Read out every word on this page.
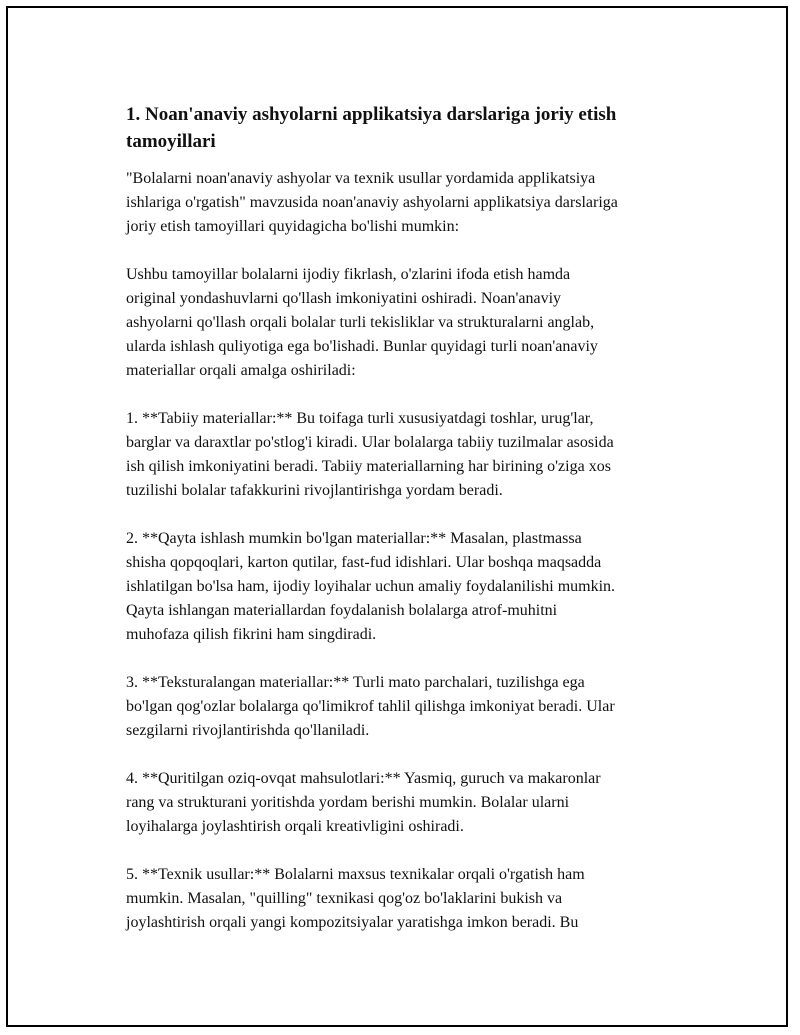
1. Noan'anaviy ashyolarni applikatsiya darslariga joriy etish tamoyillari

"Bolalarni noan'anaviy ashyolar va texnik usullar yordamida applikatsiya
ishlariga o'rgatish" mavzusida noan'anaviy ashyolarni applikatsiya darslariga
joriy etish tamoyillari quyidagicha bo'lishi mumkin:

Ushbu tamoyillar bolalarni ijodiy fikrlash, o'zlarini ifoda etish hamda
original yondashuvlarni qo'llash imkoniyatini oshiradi. Noan'anaviy
ashyolarni qo'llash orqali bolalar turli tekisliklar va strukturalarni anglab,
ularda ishlash quliyotiga ega bo'lishadi. Bunlar quyidagi turli noan'anaviy
materiallar orqali amalga oshiriladi:

1. **Tabiiy materiallar:** Bu toifaga turli xususiyatdagi toshlar, urug'lar,
barglar va daraxtlar po'stlog'i kiradi. Ular bolalarga tabiiy tuzilmalar asosida
ish qilish imkoniyatini beradi. Tabiiy materiallarning har birining o'ziga xos
tuzilishi bolalar tafakkurini rivojlantirishga yordam beradi.

2. **Qayta ishlash mumkin bo'lgan materiallar:** Masalan, plastmassa
shisha qopqoqlari, karton qutilar, fast-fud idishlari. Ular boshqa maqsadda
ishlatilgan bo'lsa ham, ijodiy loyihalar uchun amaliy foydalanilishi mumkin.
Qayta ishlangan materiallardan foydalanish bolalarga atrof-muhitni
muhofaza qilish fikrini ham singdiradi.

3. **Teksturalangan materiallar:** Turli mato parchalari, tuzilishga ega
bo'lgan qog'ozlar bolalarga qo'limikrof tahlil qilishga imkoniyat beradi. Ular
sezgilarni rivojlantirishda qo'llaniladi.

4. **Quritilgan oziq-ovqat mahsulotlari:** Yasmiq, guruch va makaronlar
rang va strukturani yoritishda yordam berishi mumkin. Bolalar ularni
loyihalarga joylashtirish orqali kreativligini oshiradi.

5. **Texnik usullar:** Bolalarni maxsus texnikalar orqali o'rgatish ham
mumkin. Masalan, "quilling" texnikasi qog'oz bo'laklarini bukish va
joylashtirish orqali yangi kompozitsiyalar yaratishga imkon beradi. Bu
